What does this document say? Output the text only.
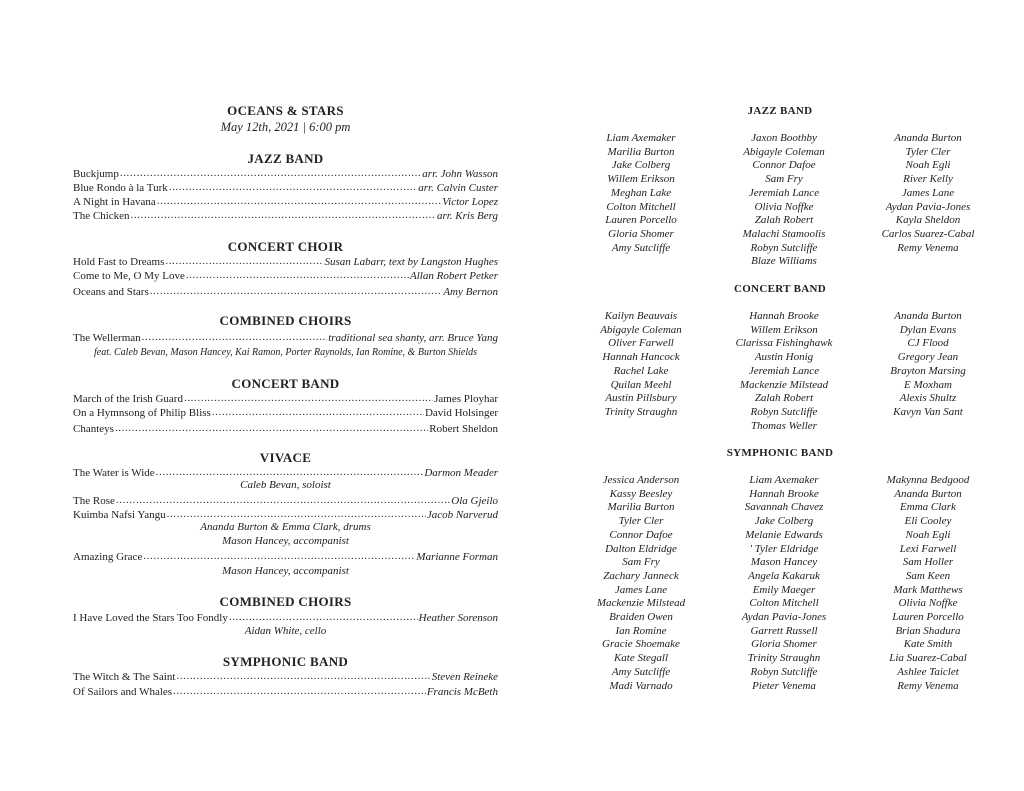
OCEANS & STARS
May 12th, 2021 | 6:00 pm
JAZZ BAND
Buckjump .....	arr. John Wasson
Blue Rondo à la Turk .....	arr. Calvin Custer
A Night in Havana .....	Victor Lopez
The Chicken .....	arr. Kris Berg
CONCERT CHOIR
Hold Fast to Dreams .....	Susan Labarr, text by Langston Hughes
Come to Me, O My Love .....	Allan Robert Petker
Oceans and Stars .....	Amy Bernon
COMBINED CHOIRS
The Wellerman .....	traditional sea shanty, arr. Bruce Yang
feat. Caleb Bevan, Mason Hancey, Kai Ramon, Porter Raynolds, Ian Romine, & Burton Shields
CONCERT BAND
March of the Irish Guard .....	James Ployhar
On a Hymnsong of Philip Bliss .....	David Holsinger
Chanteys .....	Robert Sheldon
VIVACE
The Water is Wide .....	Darmon Meader
Caleb Bevan, soloist
The Rose .....	Ola Gjeilo
Kuimba Nafsi Yangu .....	Jacob Narverud
Ananda Burton & Emma Clark, drums
Mason Hancey, accompanist
Amazing Grace .....	Marianne Forman
Mason Hancey, accompanist
COMBINED CHOIRS
I Have Loved the Stars Too Fondly .....	Heather Sorenson
Aidan White, cello
SYMPHONIC BAND
The Witch & The Saint .....	Steven Reineke
Of Sailors and Whales .....	Francis McBeth
JAZZ BAND
Liam Axemaker
Marilia Burton
Jake Colberg
Willem Erikson
Meghan Lake
Colton Mitchell
Lauren Porcello
Gloria Shomer
Amy Sutcliffe
Jaxon Boothby
Abigayle Coleman
Connor Dafoe
Sam Fry
Jeremiah Lance
Olivia Noffke
Zalah Robert
Malachi Stamoolis
Robyn Sutcliffe
Blaze Williams
Ananda Burton
Tyler Cler
Noah Egli
River Kelly
James Lane
Aydan Pavia-Jones
Kayla Sheldon
Carlos Suarez-Cabal
Remy Venema
CONCERT BAND
Kailyn Beauvais
Abigayle Coleman
Oliver Farwell
Hannah Hancock
Rachel Lake
Quilan Meehl
Austin Pillsbury
Trinity Straughn
Hannah Brooke
Willem Erikson
Clarissa Fishinghawk
Austin Honig
Jeremiah Lance
Mackenzie Milstead
Zalah Robert
Robyn Sutcliffe
Thomas Weller
Ananda Burton
Dylan Evans
CJ Flood
Gregory Jean
Brayton Marsing
E Moxham
Alexis Shultz
Kavyn Van Sant
SYMPHONIC BAND
Jessica Anderson
Kassy Beesley
Marilia Burton
Tyler Cler
Connor Dafoe
Dalton Eldridge
Sam Fry
Zachary Janneck
James Lane
Mackenzie Milstead
Braiden Owen
Ian Romine
Gracie Shoemake
Kate Stegall
Amy Sutcliffe
Madi Varnado
Liam Axemaker
Hannah Brooke
Savannah Chavez
Jake Colberg
Melanie Edwards
' Tyler Eldridge
Mason Hancey
Angela Kakaruk
Emily Maeger
Colton Mitchell
Aydan Pavia-Jones
Garrett Russell
Gloria Shomer
Trinity Straughn
Robyn Sutcliffe
Pieter Venema
Makynna Bedgood
Ananda Burton
Emma Clark
Eli Cooley
Noah Egli
Lexi Farwell
Sam Holler
Sam Keen
Mark Matthews
Olivia Noffke
Lauren Porcello
Brian Shadura
Kate Smith
Lia Suarez-Cabal
Ashlee Taiclet
Remy Venema
